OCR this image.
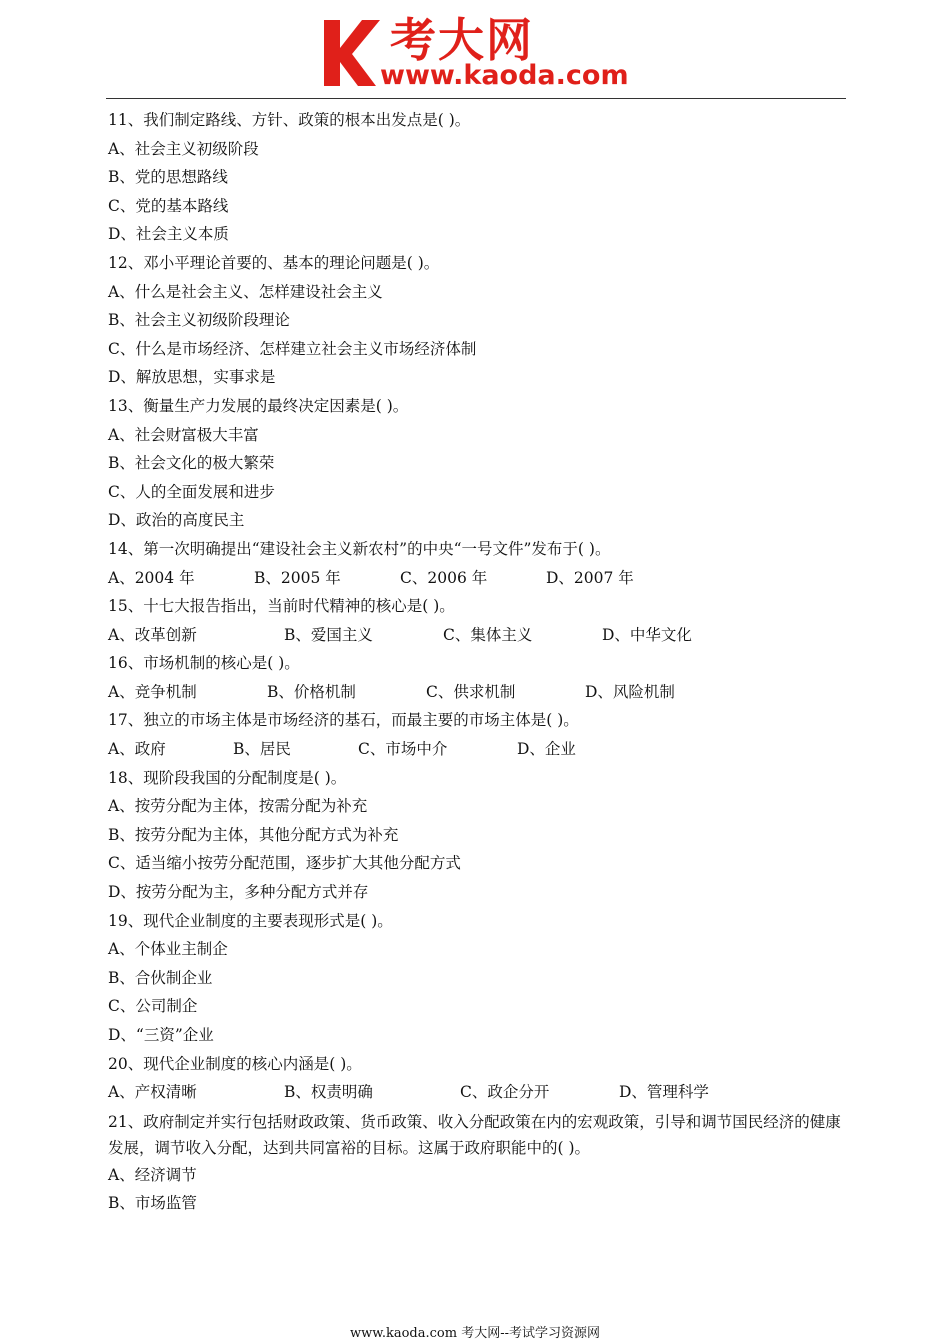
考大网
www.kaoda.com
11、我们制定路线、方针、政策的根本出发点是( )。
A、社会主义初级阶段
B、党的思想路线
C、党的基本路线
D、社会主义本质
12、邓小平理论首要的、基本的理论问题是( )。
A、什么是社会主义、怎样建设社会主义
B、社会主义初级阶段理论
C、什么是市场经济、怎样建立社会主义市场经济体制
D、解放思想，实事求是
13、衡量生产力发展的最终决定因素是( )。
A、社会财富极大丰富
B、社会文化的极大繁荣
C、人的全面发展和进步
D、政治的高度民主
14、第一次明确提出“建设社会主义新农村”的中央“一号文件”发布于( )。
A、2004 年	B、2005 年	C、2006 年	D、2007 年
15、十七大报告指出，当前时代精神的核心是( )。
A、改革创新	B、爱国主义	C、集体主义	D、中华文化
16、市场机制的核心是( )。
A、竞争机制	B、价格机制	C、供求机制	D、风险机制
17、独立的市场主体是市场经济的基石，而最主要的市场主体是( )。
A、政府	B、居民	C、市场中介	D、企业
18、现阶段我国的分配制度是( )。
A、按劳分配为主体，按需分配为补充
B、按劳分配为主体，其他分配方式为补充
C、适当缩小按劳分配范围，逐步扩大其他分配方式
D、按劳分配为主，多种分配方式并存
19、现代企业制度的主要表现形式是( )。
A、个体业主制企
B、合伙制企业
C、公司制企
D、“三资”企业
20、现代企业制度的核心内涵是( )。
A、产权清晰	B、权责明确	C、政企分开	D、管理科学
21、政府制定并实行包括财政政策、货币政策、收入分配政策在内的宏观政策，引导和调节国民经济的健康发展，调节收入分配，达到共同富裕的目标。这属于政府职能中的( )。
A、经济调节
B、市场监管
www.kaoda.com 考大网--考试学习资源网
